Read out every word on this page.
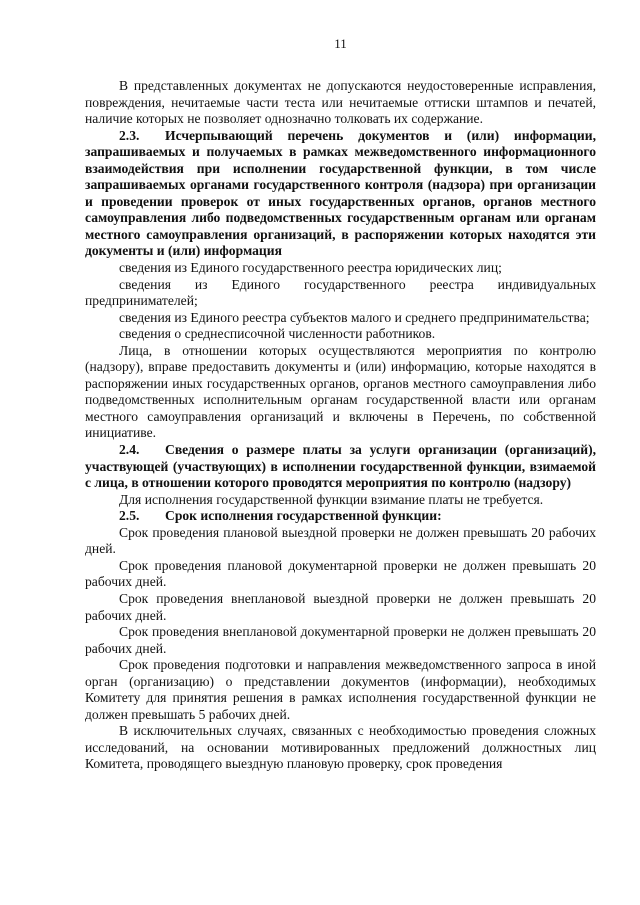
11

В представленных документах не допускаются неудостоверенные исправления, повреждения, нечитаемые части теста или нечитаемые оттиски штампов и печатей, наличие которых не позволяет однозначно толковать их содержание.

2.3. Исчерпывающий перечень документов и (или) информации, запрашиваемых и получаемых в рамках межведомственного информационного взаимодействия при исполнении государственной функции, в том числе запрашиваемых органами государственного контроля (надзора) при организации и проведении проверок от иных государственных органов, органов местного самоуправления либо подведомственных государственным органам или органам местного самоуправления организаций, в распоряжении которых находятся эти документы и (или) информация

сведения из Единого государственного реестра юридических лиц;

сведения из Единого государственного реестра индивидуальных предпринимателей;

сведения из Единого реестра субъектов малого и среднего предпринимательства;

сведения о среднесписочной численности работников.

Лица, в отношении которых осуществляются мероприятия по контролю (надзору), вправе предоставить документы и (или) информацию, которые находятся в распоряжении иных государственных органов, органов местного самоуправления либо подведомственных исполнительным органам государственной власти или органам местного самоуправления организаций и включены в Перечень, по собственной инициативе.

2.4. Сведения о размере платы за услуги организации (организаций), участвующей (участвующих) в исполнении государственной функции, взимаемой с лица, в отношении которого проводятся мероприятия по контролю (надзору)

Для исполнения государственной функции взимание платы не требуется.

2.5. Срок исполнения государственной функции:

Срок проведения плановой выездной проверки не должен превышать 20 рабочих дней.

Срок проведения плановой документарной проверки не должен превышать 20 рабочих дней.

Срок проведения внеплановой выездной проверки не должен превышать 20 рабочих дней.

Срок проведения внеплановой документарной проверки не должен превышать 20 рабочих дней.

Срок проведения подготовки и направления межведомственного запроса в иной орган (организацию) о представлении документов (информации), необходимых Комитету для принятия решения в рамках исполнения государственной функции не должен превышать 5 рабочих дней.

В исключительных случаях, связанных с необходимостью проведения сложных исследований, на основании мотивированных предложений должностных лиц Комитета, проводящего выездную плановую проверку, срок проведения
